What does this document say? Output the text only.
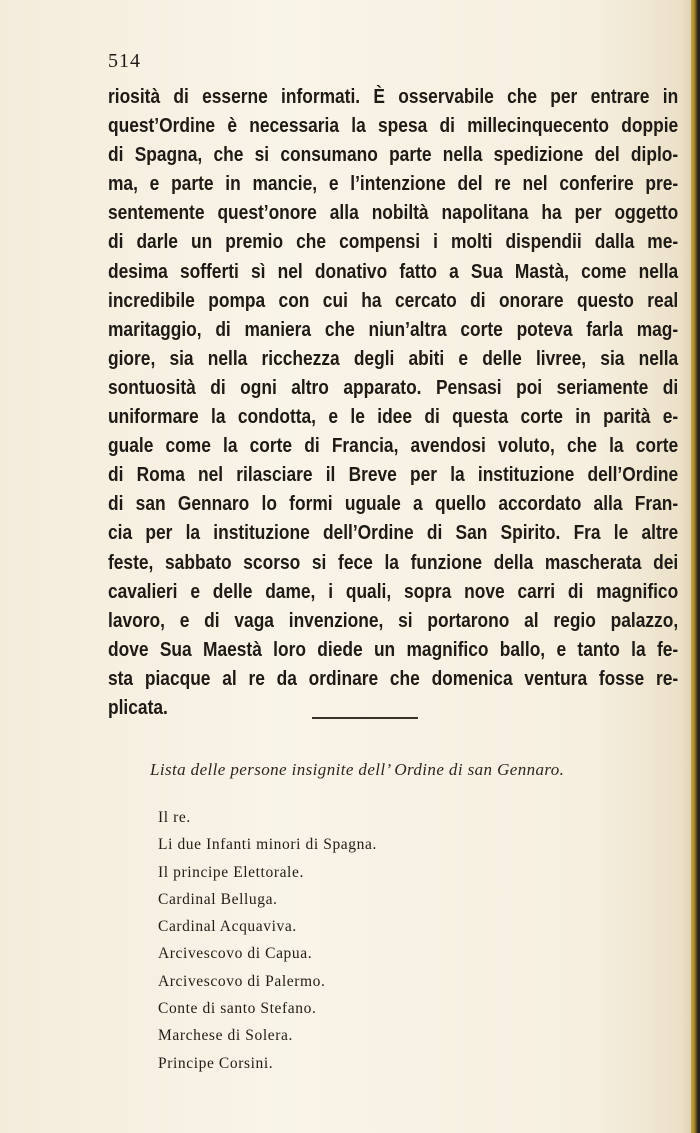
514
riosità di esserne informati. È osservabile che per entrare in
quest’Ordine è necessaria la spesa di millecinquecento doppie
di Spagna, che si consumano parte nella spedizione del diplo-
ma, e parte in mancie, e l’intenzione del re nel conferire pre-
sentemente quest’onore alla nobiltà napolitana ha per oggetto
di darle un premio che compensi i molti dispendii dalla me-
desima sofferti sì nel donativo fatto a Sua Mastà, come nella
incredibile pompa con cui ha cercato di onorare questo real
maritaggio, di maniera che niun’altra corte poteva farla mag-
giore, sia nella ricchezza degli abiti e delle livree, sia nella
sontuosità di ogni altro apparato. Pensasi poi seriamente di
uniformare la condotta, e le idee di questa corte in parità e-
guale come la corte di Francia, avendosi voluto, che la corte
di Roma nel rilasciare il Breve per la instituzione dell’Ordine
di san Gennaro lo formi uguale a quello accordato alla Fran-
cia per la instituzione dell’Ordine di San Spirito. Fra le altre
feste, sabbato scorso si fece la funzione della mascherata dei
cavalieri e delle dame, i quali, sopra nove carri di magnifico
lavoro, e di vaga invenzione, si portarono al regio palazzo,
dove Sua Maestà loro diede un magnifico ballo, e tanto la fe-
sta piacque al re da ordinare che domenica ventura fosse re-
plicata.
Lista delle persone insignite dell’ Ordine di san Gennaro.
Il re.
Li due Infanti minori di Spagna.
Il principe Elettorale.
Cardinal Belluga.
Cardinal Acquaviva.
Arcivescovo di Capua.
Arcivescovo di Palermo.
Conte di santo Stefano.
Marchese di Solera.
Principe Corsini.
